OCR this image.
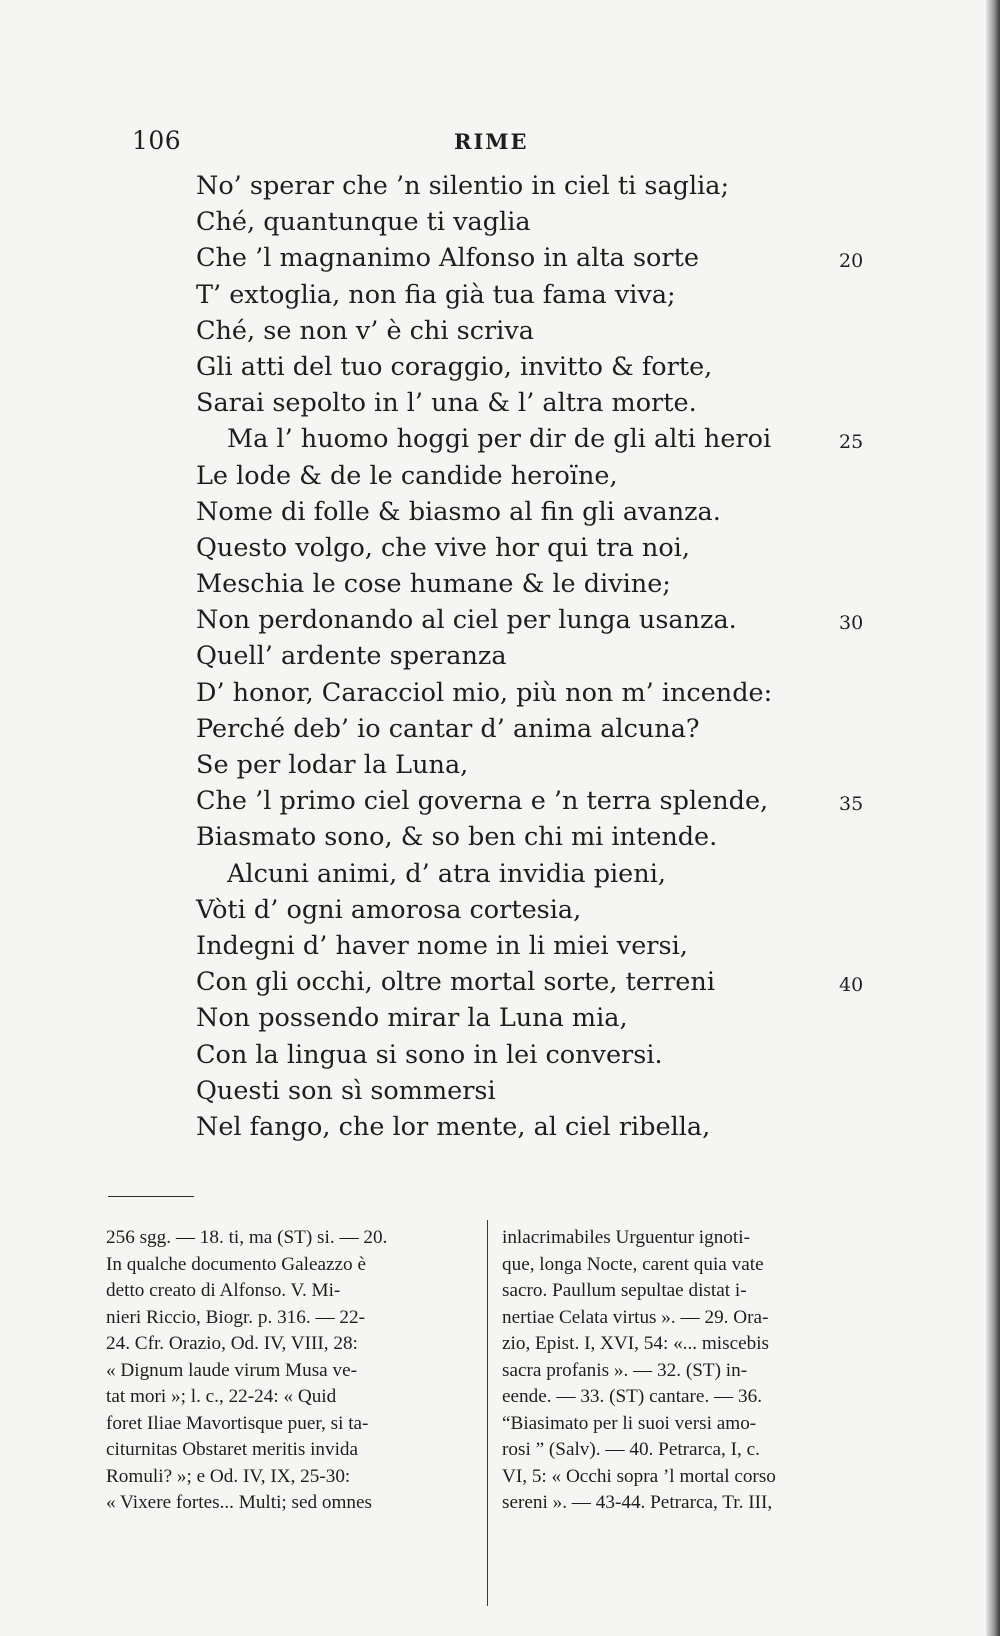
106	RIME
No’ sperar che ’n silentio in ciel ti saglia;
Ché, quantunque ti vaglia
Che ’l magnanimo Alfonso in alta sorte	20
T’ extoglia, non fia già tua fama viva;
Ché, se non v’ è chi scriva
Gli atti del tuo coraggio, invitto & forte,
Sarai sepolto in l’ una & l’ altra morte.
Ma l’ huomo hoggi per dir de gli alti heroi	25
Le lode & de le candide heroïne,
Nome di folle & biasmo al fin gli avanza.
Questo volgo, che vive hor qui tra noi,
Meschia le cose humane & le divine;
Non perdonando al ciel per lunga usanza.	30
Quell’ ardente speranza
D’ honor, Caracciol mio, più non m’ incende:
Perché deb’ io cantar d’ anima alcuna?
Se per lodar la Luna,
Che ’l primo ciel governa e ’n terra splende,	35
Biasmato sono, & so ben chi mi intende.
Alcuni animi, d’ atra invidia pieni,
Vòti d’ ogni amorosa cortesia,
Indegni d’ haver nome in li miei versi,
Con gli occhi, oltre mortal sorte, terreni	40
Non possendo mirar la Luna mia,
Con la lingua si sono in lei conversi.
Questi son sì sommersi
Nel fango, che lor mente, al ciel ribella,
256 sgg. — 18. ti, ma (ST) si. — 20.
In qualche documento Galeazzo è
detto creato di Alfonso. V. Mi-
nieri Riccio, Biogr. p. 316. — 22-
24. Cfr. Orazio, Od. IV, VIII, 28:
« Dignum laude virum Musa ve-
tat mori »; l. c., 22-24: « Quid
foret Iliae Mavortisque puer, si ta-
citurnitas Obstaret meritis invida
Romuli? »; e Od. IV, IX, 25-30:
« Vixere fortes... Multi; sed omnes
inlacrimabiles Urguentur ignoti-
que, longa Nocte, carent quia vate
sacro. Paullum sepultae distat i-
nertiae Celata virtus ». — 29. Ora-
zio, Epist. I, XVI, 54: «... miscebis
sacra profanis ». — 32. (ST) in-
eende. — 33. (ST) cantare. — 36.
“Biasimato per li suoi versi amo-
rosi ” (Salv). — 40. Petrarca, I, c.
VI, 5: « Occhi sopra ’l mortal corso
sereni ». — 43-44. Petrarca, Tr. III,
